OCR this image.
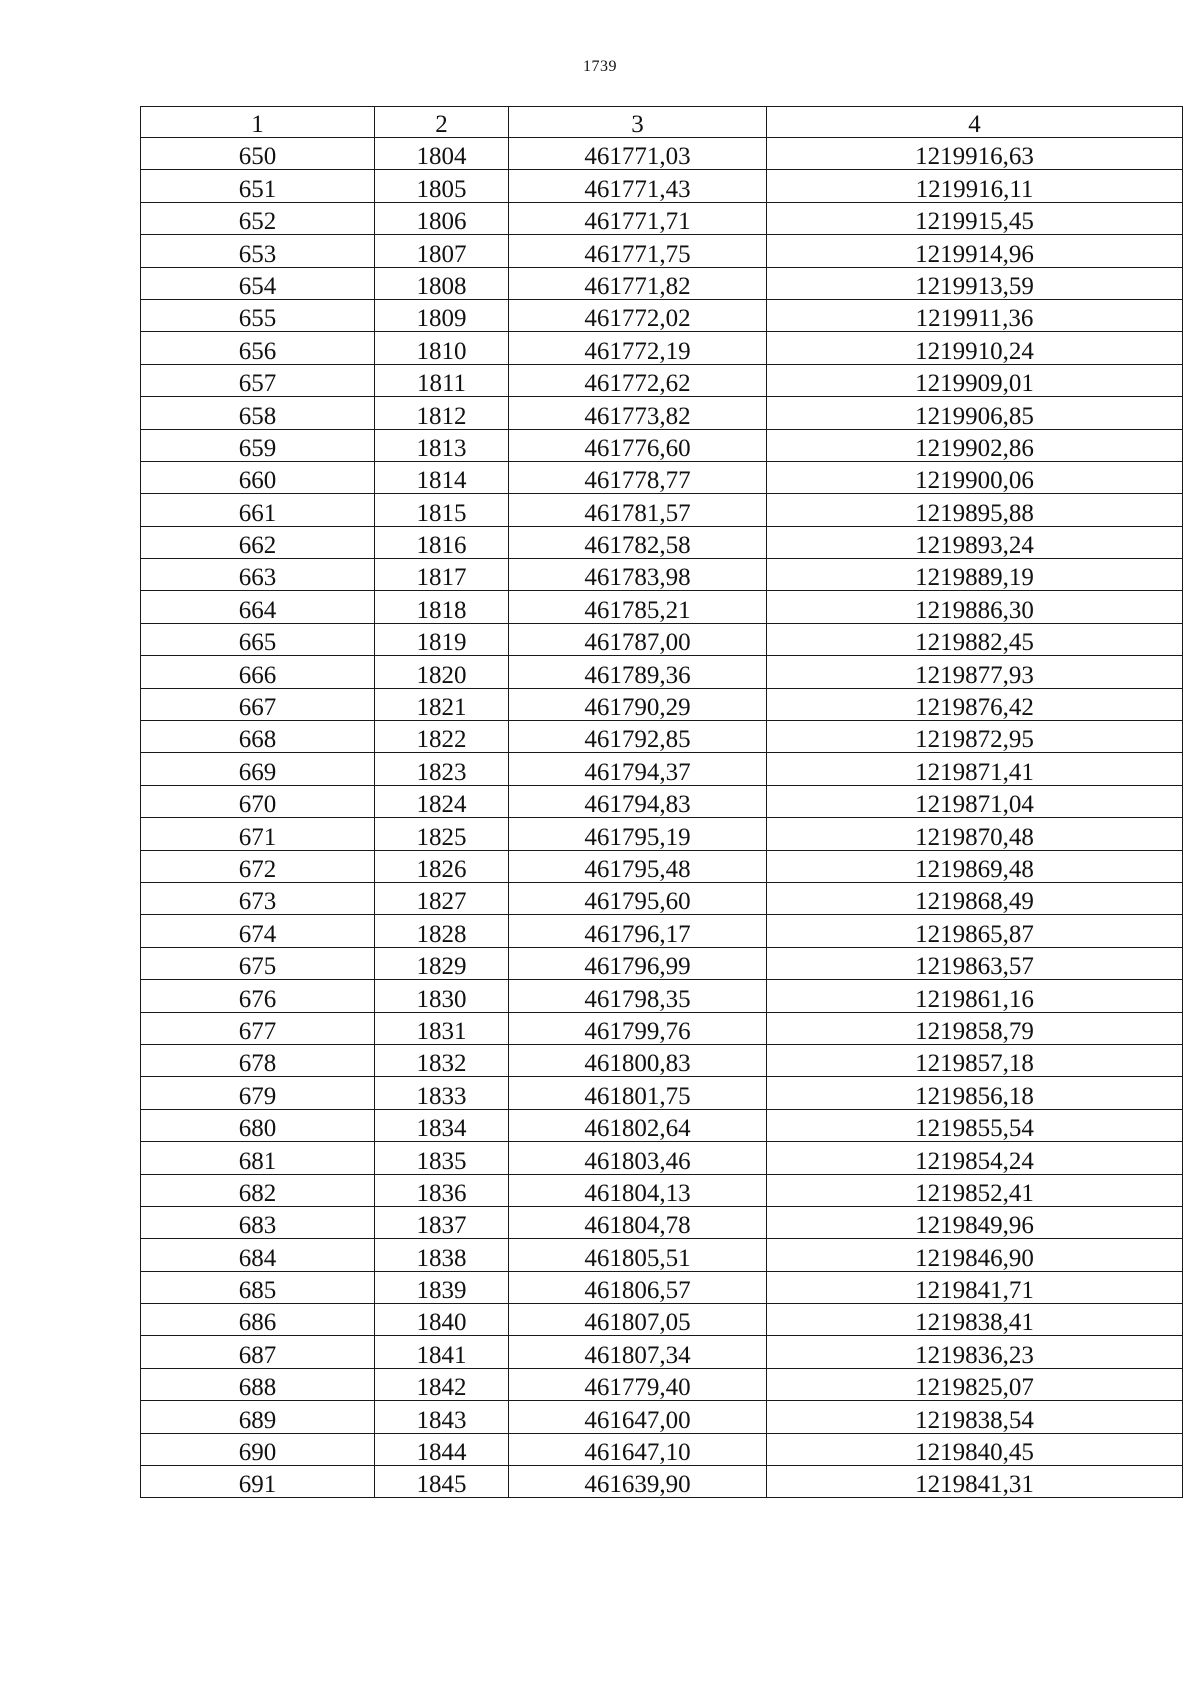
1739
1	2	3	4
650	1804	461771,03	1219916,63
651	1805	461771,43	1219916,11
652	1806	461771,71	1219915,45
653	1807	461771,75	1219914,96
654	1808	461771,82	1219913,59
655	1809	461772,02	1219911,36
656	1810	461772,19	1219910,24
657	1811	461772,62	1219909,01
658	1812	461773,82	1219906,85
659	1813	461776,60	1219902,86
660	1814	461778,77	1219900,06
661	1815	461781,57	1219895,88
662	1816	461782,58	1219893,24
663	1817	461783,98	1219889,19
664	1818	461785,21	1219886,30
665	1819	461787,00	1219882,45
666	1820	461789,36	1219877,93
667	1821	461790,29	1219876,42
668	1822	461792,85	1219872,95
669	1823	461794,37	1219871,41
670	1824	461794,83	1219871,04
671	1825	461795,19	1219870,48
672	1826	461795,48	1219869,48
673	1827	461795,60	1219868,49
674	1828	461796,17	1219865,87
675	1829	461796,99	1219863,57
676	1830	461798,35	1219861,16
677	1831	461799,76	1219858,79
678	1832	461800,83	1219857,18
679	1833	461801,75	1219856,18
680	1834	461802,64	1219855,54
681	1835	461803,46	1219854,24
682	1836	461804,13	1219852,41
683	1837	461804,78	1219849,96
684	1838	461805,51	1219846,90
685	1839	461806,57	1219841,71
686	1840	461807,05	1219838,41
687	1841	461807,34	1219836,23
688	1842	461779,40	1219825,07
689	1843	461647,00	1219838,54
690	1844	461647,10	1219840,45
691	1845	461639,90	1219841,31
